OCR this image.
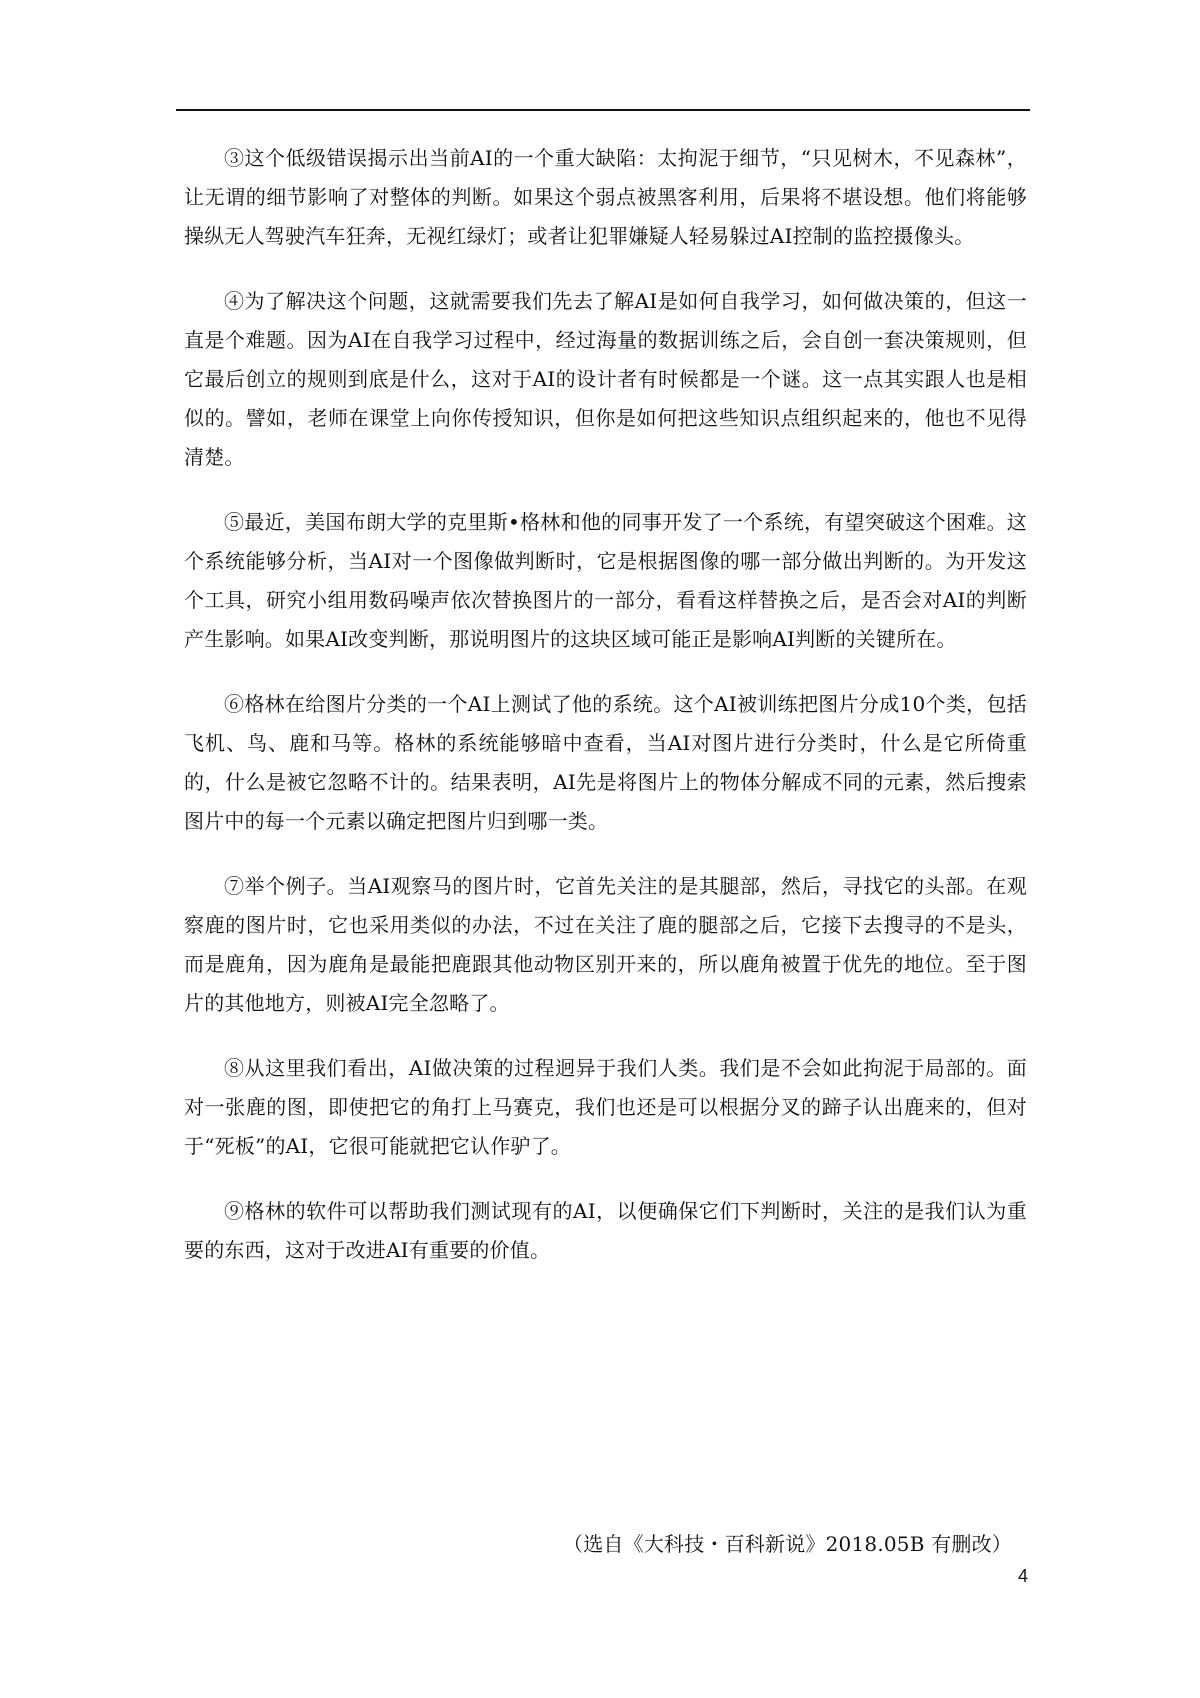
③这个低级错误揭示出当前AI的一个重大缺陷：太拘泥于细节，“只见树木，不见森林”，让无谓的细节影响了对整体的判断。如果这个弱点被黑客利用，后果将不堪设想。他们将能够操纵无人驾驶汽车狂奔，无视红绿灯；或者让犯罪嫌疑人轻易躲过AI控制的监控摄像头。

④为了解决这个问题，这就需要我们先去了解AI是如何自我学习，如何做决策的，但这一直是个难题。因为AI在自我学习过程中，经过海量的数据训练之后，会自创一套决策规则，但它最后创立的规则到底是什么，这对于AI的设计者有时候都是一个谜。这一点其实跟人也是相似的。譬如，老师在课堂上向你传授知识，但你是如何把这些知识点组织起来的，他也不见得清楚。

⑤最近，美国布朗大学的克里斯•格林和他的同事开发了一个系统，有望突破这个困难。这个系统能够分析，当AI对一个图像做判断时，它是根据图像的哪一部分做出判断的。为开发这个工具，研究小组用数码噪声依次替换图片的一部分，看看这样替换之后，是否会对AI的判断产生影响。如果AI改变判断，那说明图片的这块区域可能正是影响AI判断的关键所在。

⑥格林在给图片分类的一个AI上测试了他的系统。这个AI被训练把图片分成10个类，包括飞机、鸟、鹿和马等。格林的系统能够暗中查看，当AI对图片进行分类时，什么是它所倚重的，什么是被它忽略不计的。结果表明，AI先是将图片上的物体分解成不同的元素，然后搜索图片中的每一个元素以确定把图片归到哪一类。

⑦举个例子。当AI观察马的图片时，它首先关注的是其腿部，然后，寻找它的头部。在观察鹿的图片时，它也采用类似的办法，不过在关注了鹿的腿部之后，它接下去搜寻的不是头，而是鹿角，因为鹿角是最能把鹿跟其他动物区别开来的，所以鹿角被置于优先的地位。至于图片的其他地方，则被AI完全忽略了。

⑧从这里我们看出，AI做决策的过程迥异于我们人类。我们是不会如此拘泥于局部的。面对一张鹿的图，即使把它的角打上马赛克，我们也还是可以根据分叉的蹄子认出鹿来的，但对于“死板”的AI，它很可能就把它认作驴了。

⑨格林的软件可以帮助我们测试现有的AI，以便确保它们下判断时，关注的是我们认为重要的东西，这对于改进AI有重要的价值。

（选自《大科技・百科新说》2018.05B 有删改）
4
